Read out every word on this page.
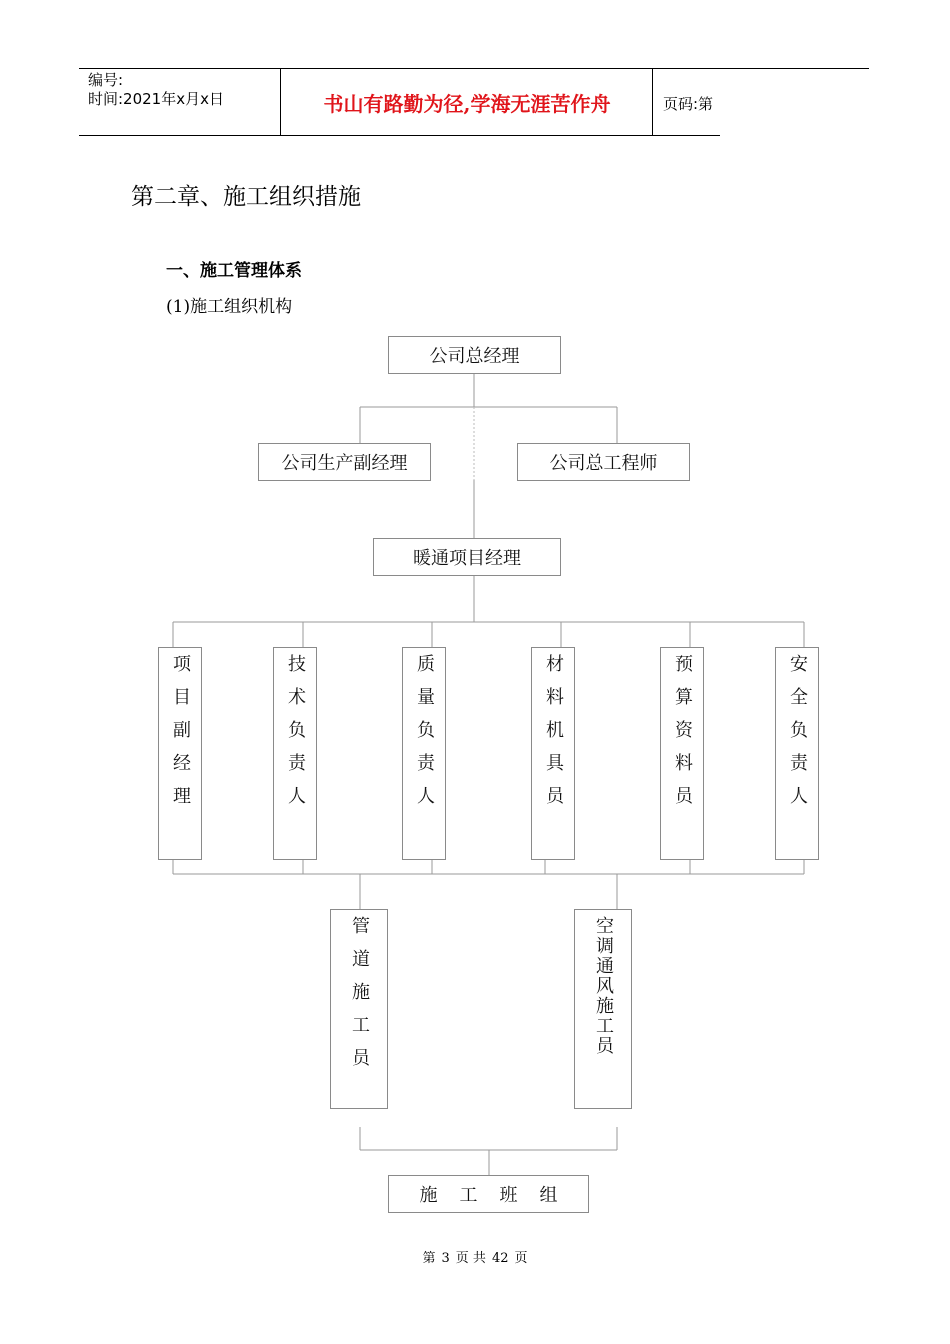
编号:
时间:2021年x月x日	书山有路勤为径,学海无涯苦作舟	页码:第
第二章、施工组织措施
一、施工管理体系
(1)施工组织机构
公司总经理
公司生产副经理	公司总工程师
暖通项目经理
项目副经理	技术负责人	质量负责人	材料机具员	预算资料员	安全负责人
管道施工员	空调通风施工员
施 工 班 组
第 3 页 共 42 页
